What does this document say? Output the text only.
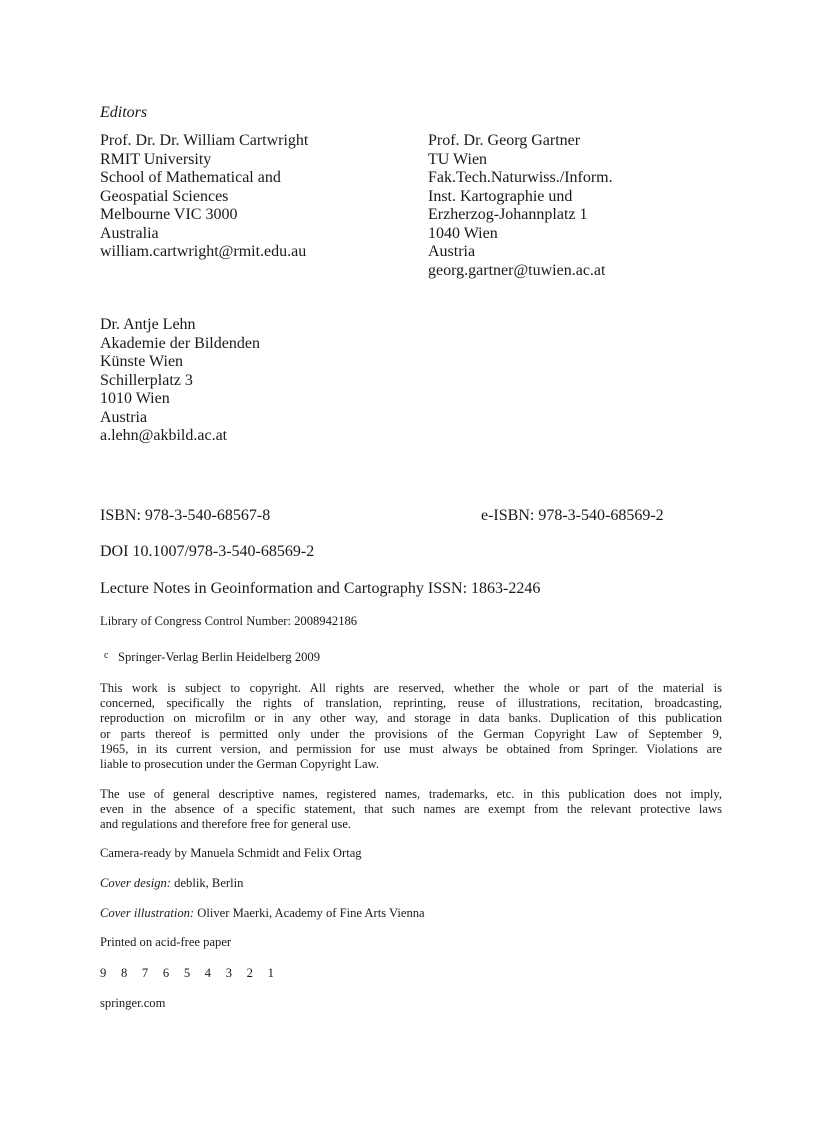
Editors
Prof. Dr. Dr. William Cartwright
RMIT University
School of Mathematical and
Geospatial Sciences
Melbourne VIC 3000
Australia
william.cartwright@rmit.edu.au
Prof. Dr. Georg Gartner
TU Wien
Fak.Tech.Naturwiss./Inform.
Inst. Kartographie und
Erzherzog-Johannplatz 1
1040 Wien
Austria
georg.gartner@tuwien.ac.at
Dr. Antje Lehn
Akademie der Bildenden
Künste Wien
Schillerplatz 3
1010 Wien
Austria
a.lehn@akbild.ac.at
ISBN: 978-3-540-68567-8	e-ISBN: 978-3-540-68569-2
DOI 10.1007/978-3-540-68569-2
Lecture Notes in Geoinformation and Cartography ISSN: 1863-2246
Library of Congress Control Number: 2008942186
c Springer-Verlag Berlin Heidelberg 2009
This work is subject to copyright. All rights are reserved, whether the whole or part of the material is
concerned, specifically the rights of translation, reprinting, reuse of illustrations, recitation, broadcasting,
reproduction on microfilm or in any other way, and storage in data banks. Duplication of this publication
or parts thereof is permitted only under the provisions of the German Copyright Law of September 9,
1965, in its current version, and permission for use must always be obtained from Springer. Violations are
liable to prosecution under the German Copyright Law.
The use of general descriptive names, registered names, trademarks, etc. in this publication does not imply,
even in the absence of a specific statement, that such names are exempt from the relevant protective laws
and regulations and therefore free for general use.
Camera-ready by Manuela Schmidt and Felix Ortag
Cover design: deblik, Berlin
Cover illustration: Oliver Maerki, Academy of Fine Arts Vienna
Printed on acid-free paper
9 8 7 6 5 4 3 2 1
springer.com
